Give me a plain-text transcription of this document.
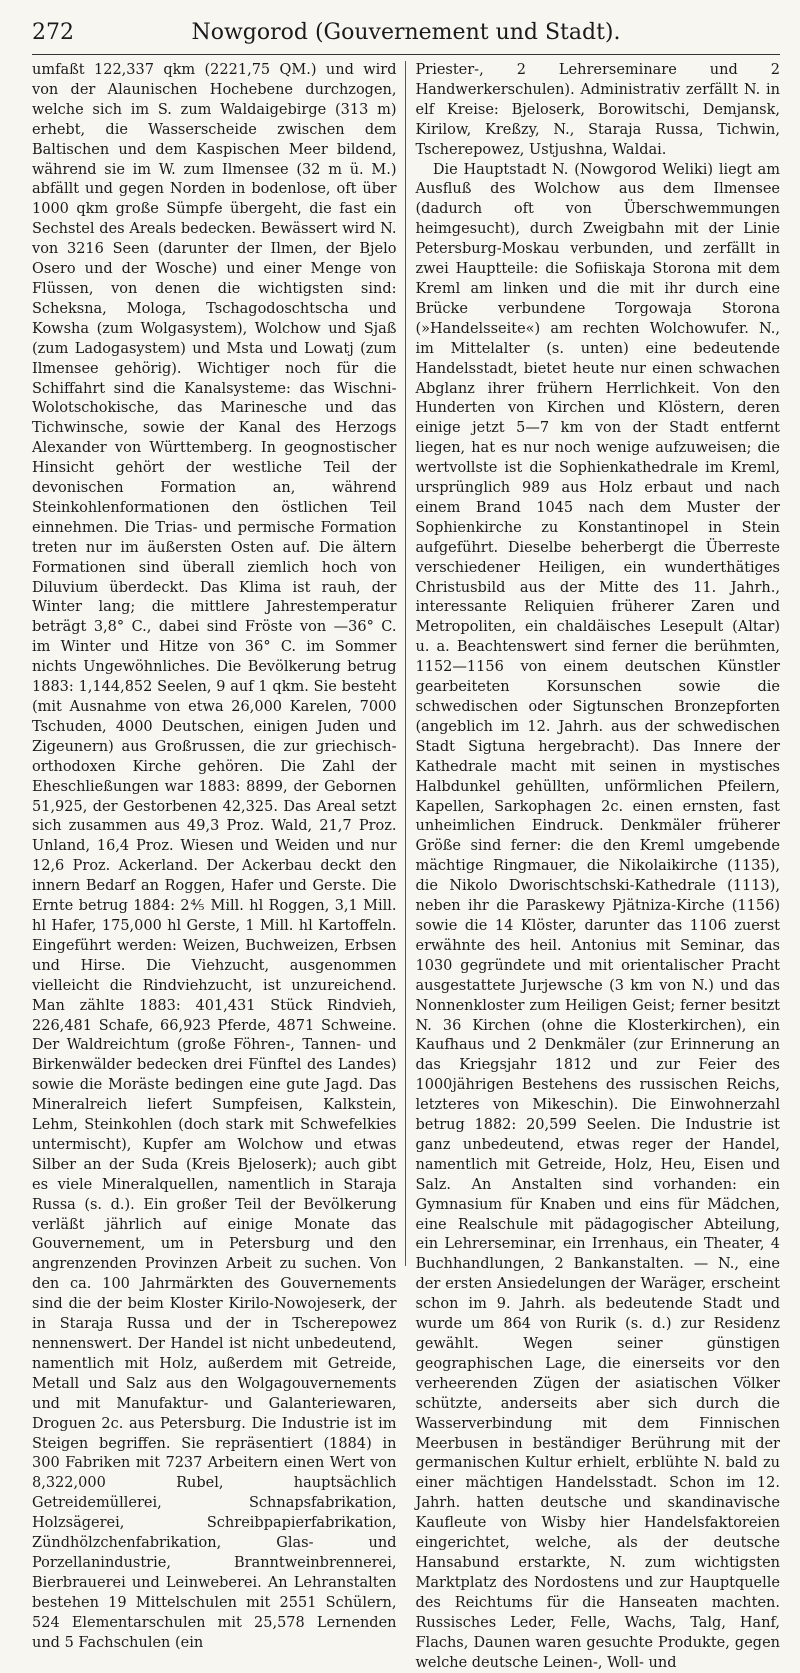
272	Nowgorod (Gouvernement und Stadt).

umfaßt 122,337 qkm (2221,75 QM.) und wird von der Alaunischen Hochebene durchzogen, welche sich im S. zum Waldaigebirge (313 m) erhebt, die Wasserscheide zwischen dem Baltischen und dem Kaspischen Meer bildend, während sie im W. zum Ilmensee (32 m ü. M.) abfällt und gegen Norden in bodenlose, oft über 1000 qkm große Sümpfe übergeht, die fast ein Sechstel des Areals bedecken. Bewässert wird N. von 3216 Seen (darunter der Ilmen, der Bjelo Osero und der Wosche) und einer Menge von Flüssen, von denen die wichtigsten sind: Scheksna, Mologa, Tschagodoschtscha und Kowsha (zum Wolgasystem), Wolchow und Sjaß (zum Ladogasystem) und Msta und Lowatj (zum Ilmensee gehörig). Wichtiger noch für die Schiffahrt sind die Kanalsysteme: das Wischni-Wolotschokische, das Marinesche und das Tichwinsche, sowie der Kanal des Herzogs Alexander von Württemberg. In geognostischer Hinsicht gehört der westliche Teil der devonischen Formation an, während Steinkohlenformationen den östlichen Teil einnehmen. Die Trias- und permische Formation treten nur im äußersten Osten auf. Die ältern Formationen sind überall ziemlich hoch von Diluvium überdeckt. Das Klima ist rauh, der Winter lang; die mittlere Jahrestemperatur beträgt 3,8° C., dabei sind Fröste von —36° C. im Winter und Hitze von 36° C. im Sommer nichts Ungewöhnliches. Die Bevölkerung betrug 1883: 1,144,852 Seelen, 9 auf 1 qkm. Sie besteht (mit Ausnahme von etwa 26,000 Karelen, 7000 Tschuden, 4000 Deutschen, einigen Juden und Zigeunern) aus Großrussen, die zur griechisch-orthodoxen Kirche gehören. Die Zahl der Eheschließungen war 1883: 8899, der Gebornen 51,925, der Gestorbenen 42,325. Das Areal setzt sich zusammen aus 49,3 Proz. Wald, 21,7 Proz. Unland, 16,4 Proz. Wiesen und Weiden und nur 12,6 Proz. Ackerland. Der Ackerbau deckt den innern Bedarf an Roggen, Hafer und Gerste. Die Ernte betrug 1884: 2⅘ Mill. hl Roggen, 3,1 Mill. hl Hafer, 175,000 hl Gerste, 1 Mill. hl Kartoffeln. Eingeführt werden: Weizen, Buchweizen, Erbsen und Hirse. Die Viehzucht, ausgenommen vielleicht die Rindviehzucht, ist unzureichend. Man zählte 1883: 401,431 Stück Rindvieh, 226,481 Schafe, 66,923 Pferde, 4871 Schweine. Der Waldreichtum (große Föhren-, Tannen- und Birkenwälder bedecken drei Fünftel des Landes) sowie die Moräste bedingen eine gute Jagd. Das Mineralreich liefert Sumpfeisen, Kalkstein, Lehm, Steinkohlen (doch stark mit Schwefelkies untermischt), Kupfer am Wolchow und etwas Silber an der Suda (Kreis Bjeloserk); auch gibt es viele Mineralquellen, namentlich in Staraja Russa (s. d.). Ein großer Teil der Bevölkerung verläßt jährlich auf einige Monate das Gouvernement, um in Petersburg und den angrenzenden Provinzen Arbeit zu suchen. Von den ca. 100 Jahrmärkten des Gouvernements sind die der beim Kloster Kirilo-Nowojeserk, der in Staraja Russa und der in Tscherepowez nennenswert. Der Handel ist nicht unbedeutend, namentlich mit Holz, außerdem mit Getreide, Metall und Salz aus den Wolgagouvernements und mit Manufaktur- und Galanteriewaren, Droguen 2c. aus Petersburg. Die Industrie ist im Steigen begriffen. Sie repräsentiert (1884) in 300 Fabriken mit 7237 Arbeitern einen Wert von 8,322,000 Rubel, hauptsächlich Getreidemüllerei, Schnapsfabrikation, Holzsägerei, Schreibpapierfabrikation, Zündhölzchenfabrikation, Glas- und Porzellanindustrie, Branntweinbrennerei, Bierbrauerei und Leinweberei. An Lehranstalten bestehen 19 Mittelschulen mit 2551 Schülern, 524 Elementarschulen mit 25,578 Lernenden und 5 Fachschulen (ein

Priester-, 2 Lehrerseminare und 2 Handwerkerschulen). Administrativ zerfällt N. in elf Kreise: Bjeloserk, Borowitschi, Demjansk, Kirilow, Kreßzy, N., Staraja Russa, Tichwin, Tscherepowez, Ustjushna, Waldai.

Die Hauptstadt N. (Nowgorod Weliki) liegt am Ausfluß des Wolchow aus dem Ilmensee (dadurch oft von Überschwemmungen heimgesucht), durch Zweigbahn mit der Linie Petersburg-Moskau verbunden, und zerfällt in zwei Hauptteile: die Sofiiskaja Storona mit dem Kreml am linken und die mit ihr durch eine Brücke verbundene Torgowaja Storona (»Handelsseite«) am rechten Wolchowufer. N., im Mittelalter (s. unten) eine bedeutende Handelsstadt, bietet heute nur einen schwachen Abglanz ihrer frühern Herrlichkeit. Von den Hunderten von Kirchen und Klöstern, deren einige jetzt 5—7 km von der Stadt entfernt liegen, hat es nur noch wenige aufzuweisen; die wertvollste ist die Sophienkathedrale im Kreml, ursprünglich 989 aus Holz erbaut und nach einem Brand 1045 nach dem Muster der Sophienkirche zu Konstantinopel in Stein aufgeführt. Dieselbe beherbergt die Überreste verschiedener Heiligen, ein wunderthätiges Christusbild aus der Mitte des 11. Jahrh., interessante Reliquien früherer Zaren und Metropoliten, ein chaldäisches Lesepult (Altar) u. a. Beachtenswert sind ferner die berühmten, 1152—1156 von einem deutschen Künstler gearbeiteten Korsunschen sowie die schwedischen oder Sigtunschen Bronzepforten (angeblich im 12. Jahrh. aus der schwedischen Stadt Sigtuna hergebracht). Das Innere der Kathedrale macht mit seinen in mystisches Halbdunkel gehüllten, unförmlichen Pfeilern, Kapellen, Sarkophagen 2c. einen ernsten, fast unheimlichen Eindruck. Denkmäler früherer Größe sind ferner: die den Kreml umgebende mächtige Ringmauer, die Nikolaikirche (1135), die Nikolo Dworischtschski-Kathedrale (1113), neben ihr die Paraskewy Pjätniza-Kirche (1156) sowie die 14 Klöster, darunter das 1106 zuerst erwähnte des heil. Antonius mit Seminar, das 1030 gegründete und mit orientalischer Pracht ausgestattete Jurjewsche (3 km von N.) und das Nonnenkloster zum Heiligen Geist; ferner besitzt N. 36 Kirchen (ohne die Klosterkirchen), ein Kaufhaus und 2 Denkmäler (zur Erinnerung an das Kriegsjahr 1812 und zur Feier des 1000jährigen Bestehens des russischen Reichs, letzteres von Mikeschin). Die Einwohnerzahl betrug 1882: 20,599 Seelen. Die Industrie ist ganz unbedeutend, etwas reger der Handel, namentlich mit Getreide, Holz, Heu, Eisen und Salz. An Anstalten sind vorhanden: ein Gymnasium für Knaben und eins für Mädchen, eine Realschule mit pädagogischer Abteilung, ein Lehrerseminar, ein Irrenhaus, ein Theater, 4 Buchhandlungen, 2 Bankanstalten. — N., eine der ersten Ansiedelungen der Waräger, erscheint schon im 9. Jahrh. als bedeutende Stadt und wurde um 864 von Rurik (s. d.) zur Residenz gewählt. Wegen seiner günstigen geographischen Lage, die einerseits vor den verheerenden Zügen der asiatischen Völker schützte, anderseits aber sich durch die Wasserverbindung mit dem Finnischen Meerbusen in beständiger Berührung mit der germanischen Kultur erhielt, erblühte N. bald zu einer mächtigen Handelsstadt. Schon im 12. Jahrh. hatten deutsche und skandinavische Kaufleute von Wisby hier Handelsfaktoreien eingerichtet, welche, als der deutsche Hansabund erstarkte, N. zum wichtigsten Marktplatz des Nordostens und zur Hauptquelle des Reichtums für die Hanseaten machten. Russisches Leder, Felle, Wachs, Talg, Hanf, Flachs, Daunen waren gesuchte Produkte, gegen welche deutsche Leinen-, Woll- und
